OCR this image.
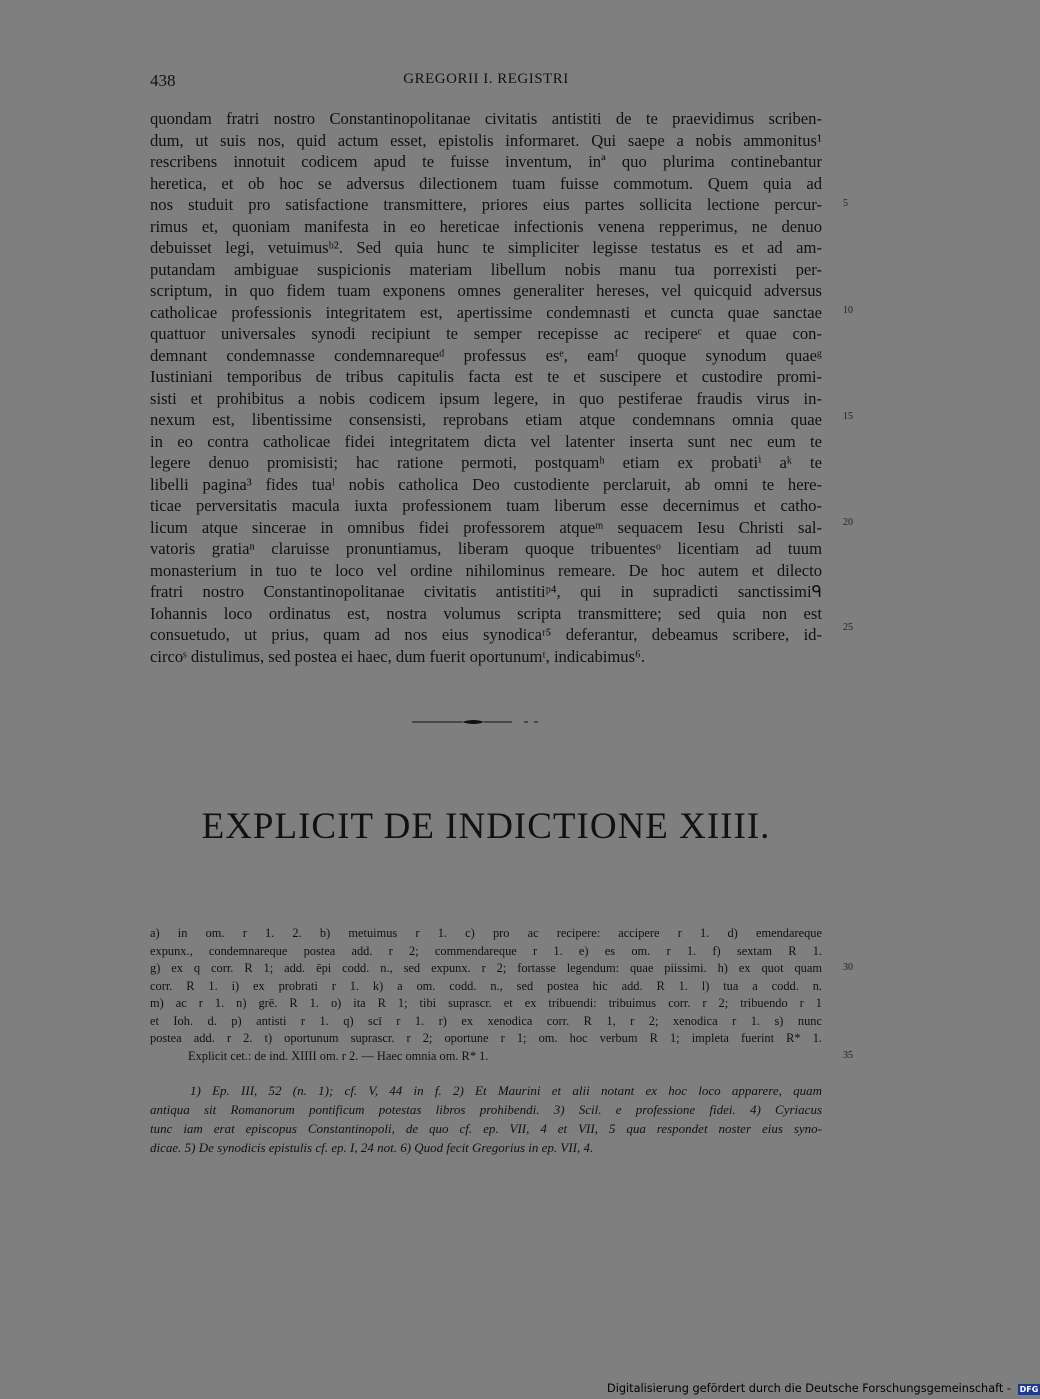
438	GREGORII I. REGISTRI
quondam fratri nostro Constantinopolitanae civitatis antistiti de te praevidimus scriben-
dum, ut suis nos, quid actum esset, epistolis informaret. Qui saepe a nobis ammonitus¹
rescribens innotuit codicem apud te fuisse inventum, inª quo plurima continebantur
heretica, et ob hoc se adversus dilectionem tuam fuisse commotum. Quem quia ad
nos studuit pro satisfactione transmittere, priores eius partes sollicita lectione percur-
rimus et, quoniam manifesta in eo hereticae infectionis venena repperimus, ne denuo
debuisset legi, vetuimusᵇ². Sed quia hunc te simpliciter legisse testatus es et ad am-
putandam ambiguae suspicionis materiam libellum nobis manu tua porrexisti per-
scriptum, in quo fidem tuam exponens omnes generaliter hereses, vel quicquid adversus
catholicae professionis integritatem est, apertissime condemnasti et cuncta quae sanctae
quattuor universales synodi recipiunt te semper recepisse ac recipereᶜ et quae con-
demnant condemnasse condemnarequeᵈ professus esᵉ, eamᶠ quoque synodum quaeᵍ
Iustiniani temporibus de tribus capitulis facta est te et suscipere et custodire promi-
sisti et prohibitus a nobis codicem ipsum legere, in quo pestiferae fraudis virus in-
nexum est, libentissime consensisti, reprobans etiam atque condemnans omnia quae
in eo contra catholicae fidei integritatem dicta vel latenter inserta sunt nec eum te
legere denuo promisisti; hac ratione permoti, postquamʰ etiam ex probatiⁱ aᵏ te
libelli pagina³ fides tuaˡ nobis catholica Deo custodiente perclaruit, ab omni te here-
ticae perversitatis macula iuxta professionem tuam liberum esse decernimus et catho-
licum atque sincerae in omnibus fidei professorem atqueᵐ sequacem Iesu Christi sal-
vatoris gratiaⁿ claruisse pronuntiamus, liberam quoque tribuentesᵒ licentiam ad tuum
monasterium in tuo te loco vel ordine nihilominus remeare. De hoc autem et dilecto
fratri nostro Constantinopolitanae civitatis antistitiᵖ⁴, qui in supradicti sanctissimiᑫ
Iohannis loco ordinatus est, nostra volumus scripta transmittere; sed quia non est
consuetudo, ut prius, quam ad nos eius synodicaʳ⁵ deferantur, debeamus scribere, id-
circoˢ distulimus, sed postea ei haec, dum fuerit oportunumᵗ, indicabimus⁶.
5
10
15
20
25
EXPLICIT DE INDICTIONE XIIII.
a) in om. r 1. 2. b) metuimus r 1. c) pro ac recipere: accipere r 1. d) emendareque
expunx., condemnareque postea add. r 2; commendareque r 1. e) es om. r 1. f) sextam R 1.
g) ex q corr. R 1; add. ēpi codd. n., sed expunx. r 2; fortasse legendum: quae piissimi. h) ex quot quam
corr. R 1. i) ex probrati r 1. k) a om. codd. n., sed postea hic add. R 1. l) tua a codd. n.
m) ac r 1. n) grē. R 1. o) ita R 1; tibi suprascr. et ex tribuendi: tribuimus corr. r 2; tribuendo r 1
et Ioh. d. p) antisti r 1. q) scī r 1. r) ex xenodica corr. R 1, r 2; xenodica r 1. s) nunc
postea add. r 2. t) oportunum suprascr. r 2; oportune r 1; om. hoc verbum R 1; impleta fuerint R* 1.
Explicit cet.: de ind. XIIII om. r 2. — Haec omnia om. R* 1.
30
35
1) Ep. III, 52 (n. 1); cf. V, 44 in f. 2) Et Maurini et alii notant ex hoc loco apparere, quam
antiqua sit Romanorum pontificum potestas libros prohibendi. 3) Scil. e professione fidei. 4) Cyriacus
tunc iam erat episcopus Constantinopoli, de quo cf. ep. VII, 4 et VII, 5 qua respondet noster eius syno-
dicae. 5) De synodicis epistulis cf. ep. I, 24 not. 6) Quod fecit Gregorius in ep. VII, 4.
Digitalisierung gefördert durch die Deutsche Forschungsgemeinschaft - DFG
